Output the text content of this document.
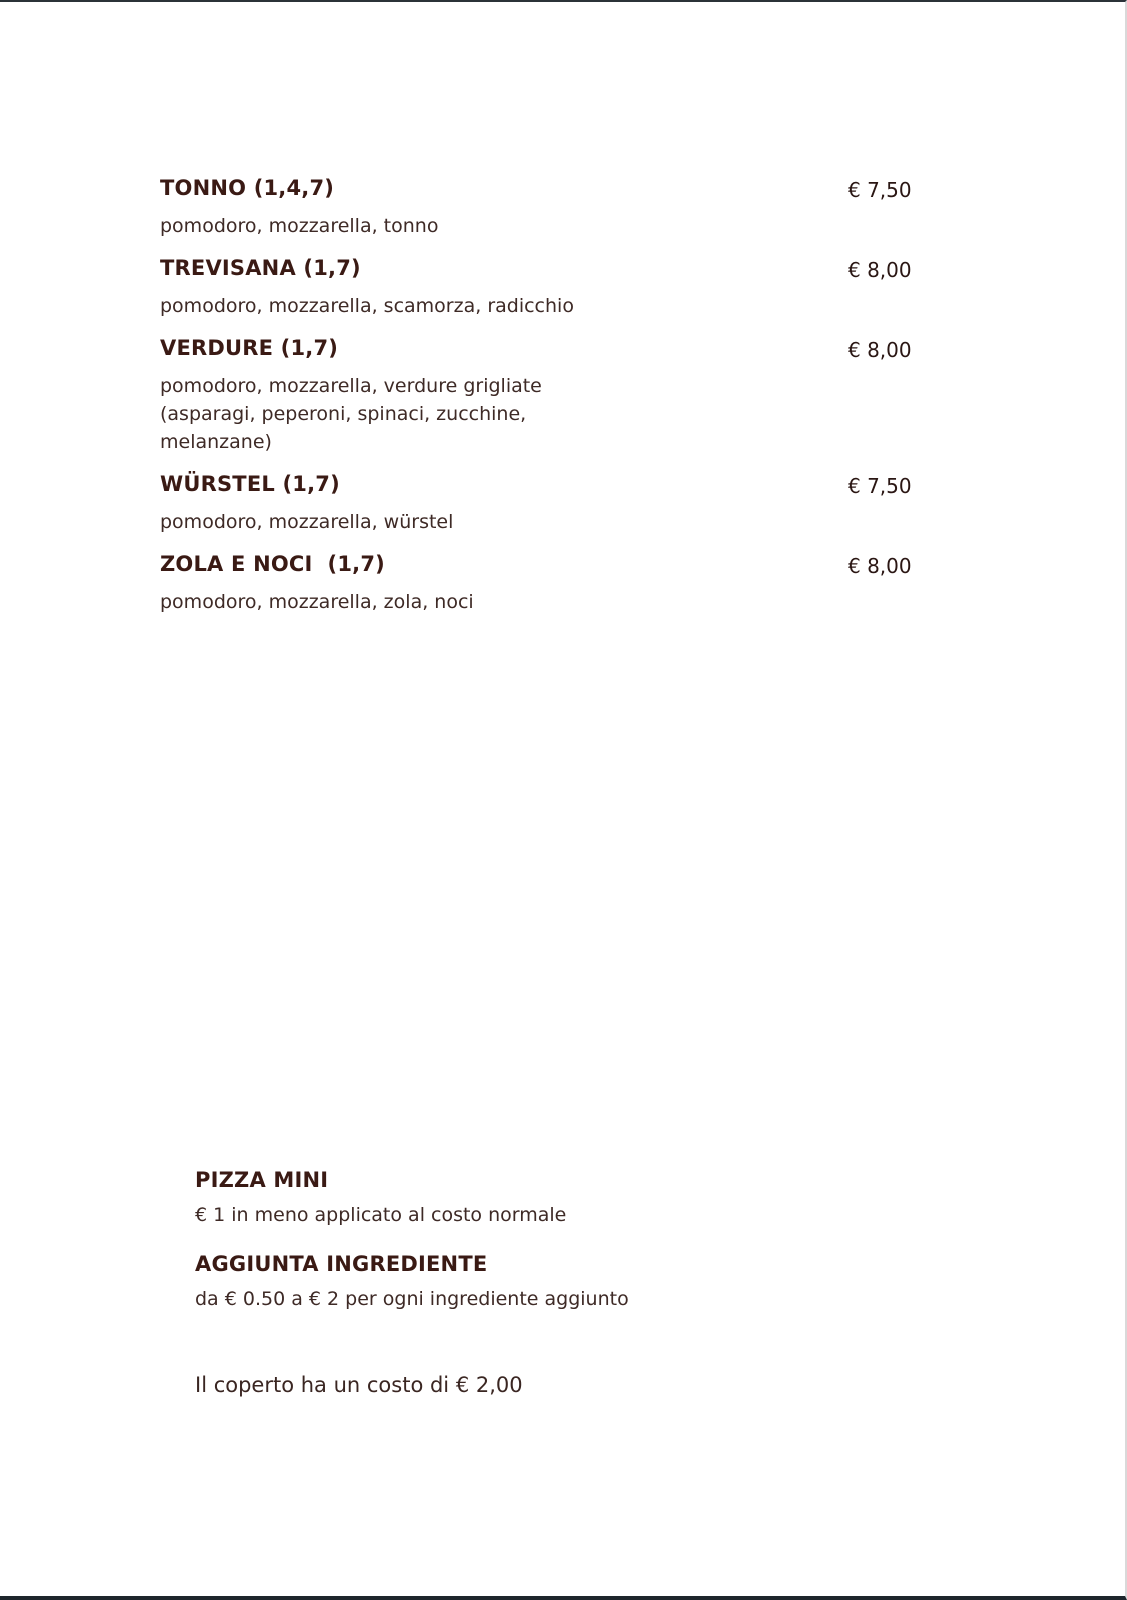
TONNO (1,4,7)	€ 7,50
pomodoro, mozzarella, tonno
TREVISANA (1,7)	€ 8,00
pomodoro, mozzarella, scamorza, radicchio
VERDURE (1,7)	€ 8,00
pomodoro, mozzarella, verdure grigliate (asparagi, peperoni, spinaci, zucchine, melanzane)
WÜRSTEL (1,7)	€ 7,50
pomodoro, mozzarella, würstel
ZOLA E NOCI  (1,7)	€ 8,00
pomodoro, mozzarella, zola, noci
PIZZA MINI
€ 1 in meno applicato al costo normale
AGGIUNTA INGREDIENTE
da € 0.50 a € 2 per ogni ingrediente aggiunto
Il coperto ha un costo di € 2,00
